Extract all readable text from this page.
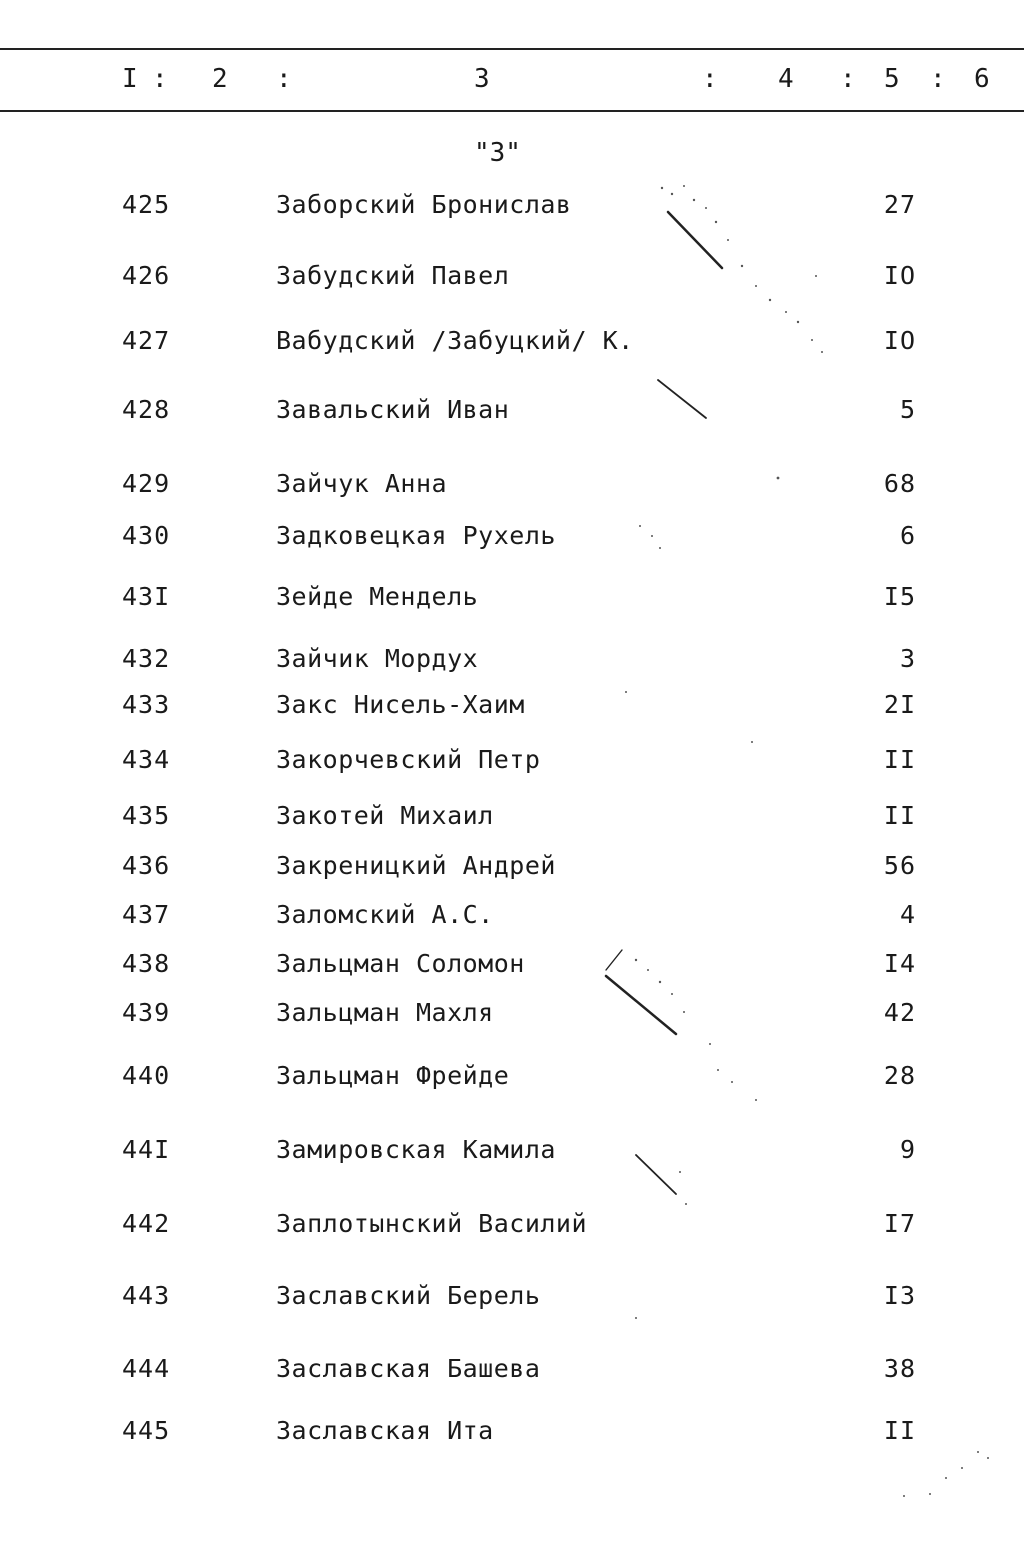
I : 2 :	3	: 4 : 5 : 6
"З"
425	Заборский Бронислав	27
426	Забудский Павел	IO
427	Вабудский /Забуцкий/ К.	IO
428	Завальский Иван	5
429	Зайчук Анна	68
430	Задковецкая Рухель	6
43I	Зейде Мендель	I5
432	Зайчик Мордух	3
433	Закс Нисель-Хаим	2I
434	Закорчевский Петр	II
435	Закотей Михаил	II
436	Закреницкий Андрей	56
437	Заломский А.С.	4
438	Зальцман Соломон	I4
439	Зальцман Махля	42
440	Зальцман Фрейде	28
44I	Замировская Камила	9
442	Заплотынский Василий	I7
443	Заславский Берель	I3
444	Заславская Башева	38
445	Заславская Ита	II
